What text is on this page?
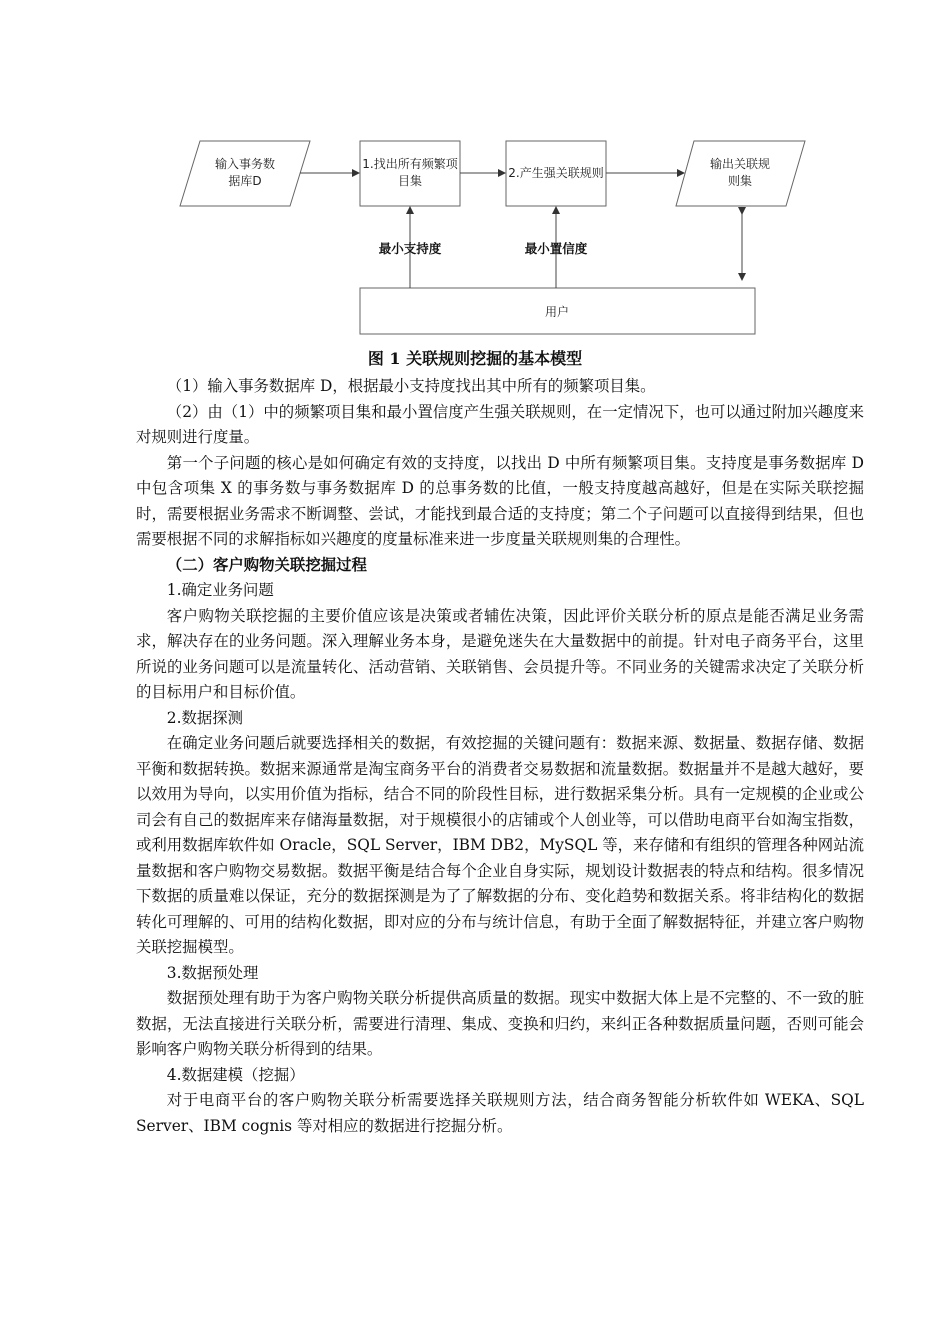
输入事务数据库D
1.找出所有频繁项目集
2.产生强关联规则
输出关联规则集
用户
最小支持度	最小置信度
图 1 关联规则挖掘的基本模型

（1）输入事务数据库 D，根据最小支持度找出其中所有的频繁项目集。

（2）由（1）中的频繁项目集和最小置信度产生强关联规则，在一定情况下，也可以通过附加兴趣度来对规则进行度量。

第一个子问题的核心是如何确定有效的支持度，以找出 D 中所有频繁项目集。支持度是事务数据库 D 中包含项集 X 的事务数与事务数据库 D 的总事务数的比值，一般支持度越高越好，但是在实际关联挖掘时，需要根据业务需求不断调整、尝试，才能找到最合适的支持度；第二个子问题可以直接得到结果，但也需要根据不同的求解指标如兴趣度的度量标准来进一步度量关联规则集的合理性。

（二）客户购物关联挖掘过程

1.确定业务问题

客户购物关联挖掘的主要价值应该是决策或者辅佐决策，因此评价关联分析的原点是能否满足业务需求，解决存在的业务问题。深入理解业务本身，是避免迷失在大量数据中的前提。针对电子商务平台，这里所说的业务问题可以是流量转化、活动营销、关联销售、会员提升等。不同业务的关键需求决定了关联分析的目标用户和目标价值。

2.数据探测

在确定业务问题后就要选择相关的数据，有效挖掘的关键问题有：数据来源、数据量、数据存储、数据平衡和数据转换。数据来源通常是淘宝商务平台的消费者交易数据和流量数据。数据量并不是越大越好，要以效用为导向，以实用价值为指标，结合不同的阶段性目标，进行数据采集分析。具有一定规模的企业或公司会有自己的数据库来存储海量数据，对于规模很小的店铺或个人创业等，可以借助电商平台如淘宝指数，或利用数据库软件如 Oracle，SQL Server，IBM DB2，MySQL 等，来存储和有组织的管理各种网站流量数据和客户购物交易数据。数据平衡是结合每个企业自身实际，规划设计数据表的特点和结构。很多情况下数据的质量难以保证，充分的数据探测是为了了解数据的分布、变化趋势和数据关系。将非结构化的数据转化可理解的、可用的结构化数据，即对应的分布与统计信息，有助于全面了解数据特征，并建立客户购物关联挖掘模型。

3.数据预处理

数据预处理有助于为客户购物关联分析提供高质量的数据。现实中数据大体上是不完整的、不一致的脏数据，无法直接进行关联分析，需要进行清理、集成、变换和归约，来纠正各种数据质量问题，否则可能会影响客户购物关联分析得到的结果。

4.数据建模（挖掘）

对于电商平台的客户购物关联分析需要选择关联规则方法，结合商务智能分析软件如 WEKA、SQL Server、IBM cognis 等对相应的数据进行挖掘分析。
